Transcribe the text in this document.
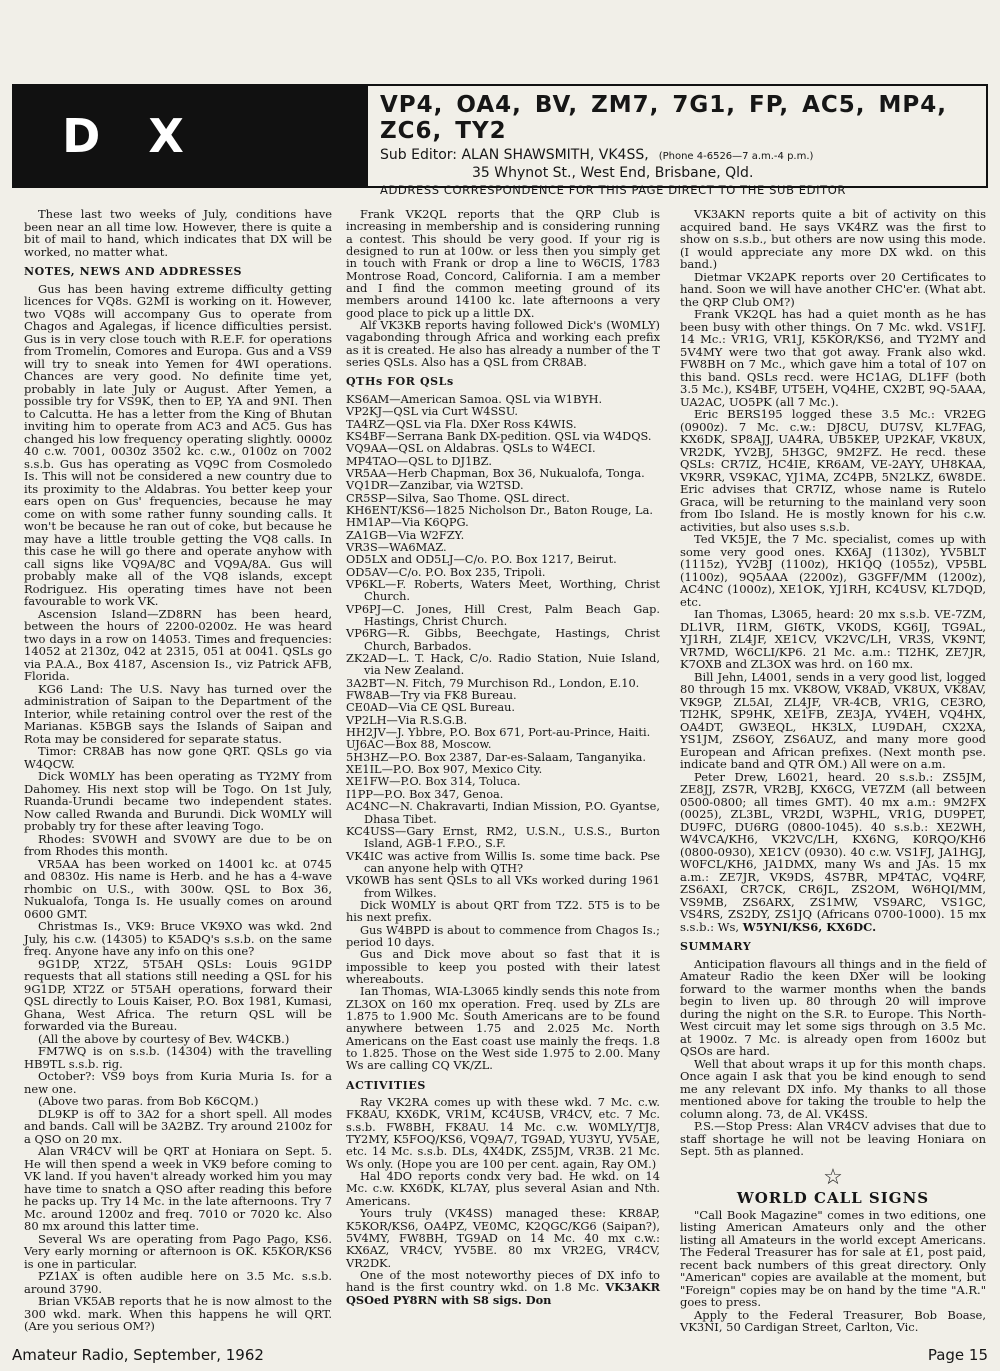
D X
VP4, OA4, BV, ZM7, 7G1, FP, AC5, MP4, ZC6, TY2
Sub Editor: ALAN SHAWSMITH, VK4SS, (Phone 4-6526—7 a.m.-4 p.m.)
35 Whynot St., West End, Brisbane, Qld.
ADDRESS CORRESPONDENCE FOR THIS PAGE DIRECT TO THE SUB EDITOR

These last two weeks of July, conditions have been near an all time low. However, there is quite a bit of mail to hand, which indicates that DX will be worked, no matter what.

NOTES, NEWS AND ADDRESSES

Gus has been having extreme difficulty getting licences for VQ8s. G2MI is working on it. However, two VQ8s will accompany Gus to operate from Chagos and Agalegas, if licence difficulties persist. Gus is in very close touch with R.E.F. for operations from Tromelin, Comores and Europa. Gus and a VS9 will try to sneak into Yemen for 4WI operations. Chances are very good. No definite time yet, probably in late July or August. After Yemen, a possible try for VS9K, then to EP, YA and 9NI. Then to Calcutta. He has a letter from the King of Bhutan inviting him to operate from AC3 and AC5. Gus has changed his low frequency operating slightly. 0000z 40 c.w. 7001, 0030z 3502 kc. c.w., 0100z on 7002 s.s.b. Gus has operating as VQ9C from Cosmoledo Is. This will not be considered a new country due to its proximity to the Aldabras. You better keep your ears open on Gus' frequencies, because he may come on with some rather funny sounding calls. It won't be because he ran out of coke, but because he may have a little trouble getting the VQ8 calls. In this case he will go there and operate anyhow with call signs like VQ9A/8C and VQ9A/8A. Gus will probably make all of the VQ8 islands, except Rodriguez. His operating times have not been favourable to work VK.

Ascension Island—ZD8RN has been heard, between the hours of 2200-0200z. He was heard two days in a row on 14053. Times and frequencies: 14052 at 2130z, 042 at 2315, 051 at 0041. QSLs go via P.A.A., Box 4187, Ascension Is., viz Patrick AFB, Florida.

KG6 Land: The U.S. Navy has turned over the administration of Saipan to the Department of the Interior, while retaining control over the rest of the Marianas. K5BGB says the Islands of Saipan and Rota may be considered for separate status.

Timor: CR8AB has now gone QRT. QSLs go via W4QCW.

Dick W0MLY has been operating as TY2MY from Dahomey. His next stop will be Togo. On 1st July, Ruanda-Urundi became two independent states. Now called Rwanda and Burundi. Dick W0MLY will probably try for these after leaving Togo.

Rhodes: SV0WH and SV0WY are due to be on from Rhodes this month.

VR5AA has been worked on 14001 kc. at 0745 and 0830z. His name is Herb. and he has a 4-wave rhombic on U.S., with 300w. QSL to Box 36, Nukualofa, Tonga Is. He usually comes on around 0600 GMT.

Christmas Is., VK9: Bruce VK9XO was wkd. 2nd July, his c.w. (14305) to K5ADQ's s.s.b. on the same freq. Anyone have any info on this one?

9G1DP, XT2Z, 5T5AH QSLs: Louis 9G1DP requests that all stations still needing a QSL for his 9G1DP, XT2Z or 5T5AH operations, forward their QSL directly to Louis Kaiser, P.O. Box 1981, Kumasi, Ghana, West Africa. The return QSL will be forwarded via the Bureau.

(All the above by courtesy of Bev. W4CKB.)

FM7WQ is on s.s.b. (14304) with the travelling HB9TL s.s.b. rig.

October?: VS9 boys from Kuria Muria Is. for a new one.

(Above two paras. from Bob K6CQM.)

DL9KP is off to 3A2 for a short spell. All modes and bands. Call will be 3A2BZ. Try around 2100z for a QSO on 20 mx.

Alan VR4CV will be QRT at Honiara on Sept. 5. He will then spend a week in VK9 before coming to VK land. If you haven't already worked him you may have time to snatch a QSO after reading this before he packs up. Try 14 Mc. in the late afternoons. Try 7 Mc. around 1200z and freq. 7010 or 7020 kc. Also 80 mx around this latter time.

Several Ws are operating from Pago Pago, KS6. Very early morning or afternoon is OK. K5KOR/KS6 is one in particular.

PZ1AX is often audible here on 3.5 Mc. s.s.b. around 3790.

Brian VK5AB reports that he is now almost to the 300 wkd. mark. When this happens he will QRT. (Are you serious OM?)

Frank VK2QL reports that the QRP Club is increasing in membership and is considering running a contest. This should be very good. If your rig is designed to run at 100w. or less then you simply get in touch with Frank or drop a line to W6CIS, 1783 Montrose Road, Concord, California. I am a member and I find the common meeting ground of its members around 14100 kc. late afternoons a very good place to pick up a little DX.

Alf VK3KB reports having followed Dick's (W0MLY) vagabonding through Africa and working each prefix as it is created. He also has already a number of the T series QSLs. Also has a QSL from CR8AB.

QTHs FOR QSLs

KS6AM—American Samoa. QSL via W1BYH.

VP2KJ—QSL via Curt W4SSU.

TA4RZ—QSL via Fla. DXer Ross K4WIS.

KS4BF—Serrana Bank DX-pedition. QSL via W4DQS.

VQ9AA—QSL on Aldabras. QSLs to W4ECI.

MP4TAO—QSL to DJ1BZ.

VR5AA—Herb Chapman, Box 36, Nukualofa, Tonga.

VQ1DR—Zanzibar, via W2TSD.

CR5SP—Silva, Sao Thome. QSL direct.

KH6ENT/KS6—1825 Nicholson Dr., Baton Rouge, La.

HM1AP—Via K6QPG.

ZA1GB—Via W2FZY.

VR3S—WA6MAZ.

OD5LX and OD5LJ—C/o. P.O. Box 1217, Beirut.

OD5AV—C/o. P.O. Box 235, Tripoli.

VP6KL—F. Roberts, Waters Meet, Worthing, Christ Church.

VP6PJ—C. Jones, Hill Crest, Palm Beach Gap. Hastings, Christ Church.

VP6RG—R. Gibbs, Beechgate, Hastings, Christ Church, Barbados.

ZK2AD—L. T. Hack, C/o. Radio Station, Nuie Island, via New Zealand.

3A2BT—N. Fitch, 79 Murchison Rd., London, E.10.

FW8AB—Try via FK8 Bureau.

CE0AD—Via CE QSL Bureau.

VP2LH—Via R.S.G.B.

HH2JV—J. Ybbre, P.O. Box 671, Port-au-Prince, Haiti.

UJ6AC—Box 88, Moscow.

5H3HZ—P.O. Box 2387, Dar-es-Salaam, Tanganyika.

XE1IL—P.O. Box 907, Mexico City.

XE1FW—P.O. Box 314, Toluca.

I1PP—P.O. Box 347, Genoa.

AC4NC—N. Chakravarti, Indian Mission, P.O. Gyantse, Dhasa Tibet.

KC4USS—Gary Ernst, RM2, U.S.N., U.S.S., Burton Island, AGB-1 F.P.O., S.F.

VK4IC was active from Willis Is. some time back. Pse can anyone help with QTH?

VK0WB has sent QSLs to all VKs worked during 1961 from Wilkes.

Dick W0MLY is about QRT from TZ2. 5T5 is to be his next prefix.

Gus W4BPD is about to commence from Chagos Is.; period 10 days.

Gus and Dick move about so fast that it is impossible to keep you posted with their latest whereabouts.

Ian Thomas, WIA-L3065 kindly sends this note from ZL3OX on 160 mx operation. Freq. used by ZLs are 1.875 to 1.900 Mc. South Americans are to be found anywhere between 1.75 and 2.025 Mc. North Americans on the East coast use mainly the freqs. 1.8 to 1.825. Those on the West side 1.975 to 2.00. Many Ws are calling CQ VK/ZL.

ACTIVITIES

Ray VK2RA comes up with these wkd. 7 Mc. c.w. FK8AU, KX6DK, VR1M, KC4USB, VR4CV, etc. 7 Mc. s.s.b. FW8BH, FK8AU. 14 Mc. c.w. W0MLY/TJ8, TY2MY, K5FOQ/KS6, VQ9A/7, TG9AD, YU3YU, YV5AE, etc. 14 Mc. s.s.b. DLs, 4X4DK, ZS5JM, VR3B. 21 Mc. Ws only. (Hope you are 100 per cent. again, Ray OM.)

Hal 4DO reports condx very bad. He wkd. on 14 Mc. c.w. KX6DK, KL7AY, plus several Asian and Nth. Americans.

Yours truly (VK4SS) managed these: KR8AP, K5KOR/KS6, OA4PZ, VE0MC, K2QGC/KG6 (Saipan?), 5V4MY, FW8BH, TG9AD on 14 Mc. 40 mx c.w.: KX6AZ, VR4CV, YV5BE. 80 mx VR2EG, VR4CV, VR2DK.

One of the most noteworthy pieces of DX info to hand is the first country wkd. on 1.8 Mc. VK3AKR QSOed PY8RN with S8 sigs. Don

VK3AKN reports quite a bit of activity on this acquired band. He says VK4RZ was the first to show on s.s.b., but others are now using this mode. (I would appreciate any more DX wkd. on this band.)

Dietmar VK2APK reports over 20 Certificates to hand. Soon we will have another CHC'er. (What abt. the QRP Club OM?)

Frank VK2QL has had a quiet month as he has been busy with other things. On 7 Mc. wkd. VS1FJ. 14 Mc.: VR1G, VR1J, K5KOR/KS6, and TY2MY and 5V4MY were two that got away. Frank also wkd. FW8BH on 7 Mc., which gave him a total of 107 on this band. QSLs recd. were HC1AG, DL1FF (both 3.5 Mc.), KS4BF, UT5EH, VQ4HE, CX2BT, 9Q-5AAA, UA2AC, UO5PK (all 7 Mc.).

Eric BERS195 logged these 3.5 Mc.: VR2EG (0900z). 7 Mc. c.w.: DJ8CU, DU7SV, KL7FAG, KX6DK, SP8AJJ, UA4RA, UB5KEP, UP2KAF, VK8UX, VR2DK, YV2BJ, 5H3GC, 9M2FZ. He recd. these QSLs: CR7IZ, HC4IE, KR6AM, VE-2AYY, UH8KAA, VK9RR, VS9KAC, YJ1MA, ZC4PB, 5N2LKZ, 6W8DE. Eric advises that CR7IZ, whose name is Rutelo Graca, will be returning to the mainland very soon from Ibo Island. He is mostly known for his c.w. activities, but also uses s.s.b.

Ted VK5JE, the 7 Mc. specialist, comes up with some very good ones. KX6AJ (1130z), YV5BLT (1115z), YV2BJ (1100z), HK1QQ (1055z), VP5BL (1100z), 9Q5AAA (2200z), G3GFF/MM (1200z), AC4NC (1000z), XE1OK, YJ1RH, KC4USV, KL7DQD, etc.

Ian Thomas, L3065, heard: 20 mx s.s.b. VE-7ZM, DL1VR, I1RM, GI6TK, VK0DS, KG6IJ, TG9AL, YJ1RH, ZL4JF, XE1CV, VK2VC/LH, VR3S, VK9NT, VR7MD, W6CLI/KP6. 21 Mc. a.m.: TI2HK, ZE7JR, K7OXB and ZL3OX was hrd. on 160 mx.

Bill Jehn, L4001, sends in a very good list, logged 80 through 15 mx. VK8OW, VK8AD, VK8UX, VK8AV, VK9GP, ZL5AI, ZL4JF, VR-4CB, VR1G, CE3RO, TI2HK, SP9HK, XE1FB, ZE3JA, YV4EH, VQ4HX, OA4DT, GW3EQL, HK3LX, LU9DAH, CX2XA, YS1JM, ZS6OY, ZS6AUZ, and many more good European and African prefixes. (Next month pse. indicate band and QTR OM.) All were on a.m.

Peter Drew, L6021, heard. 20 s.s.b.: ZS5JM, ZE8JJ, ZS7R, VR2BJ, KX6CG, VE7ZM (all between 0500-0800; all times GMT). 40 mx a.m.: 9M2FX (0025), ZL3BL, VR2DI, W3PHL, VR1G, DU9PET, DU9FC, DU6RG (0800-1045). 40 s.s.b.: XE2WH, W4VCA/KH6, VK2VC/LH, KX6NG, K0RQO/KH6 (0800-0930), XE1CV (0930). 40 c.w. VS1FJ, JA1HGJ, W0FCL/KH6, JA1DMX, many Ws and JAs. 15 mx a.m.: ZE7JR, VK9DS, 4S7BR, MP4TAC, VQ4RF, ZS6AXI, CR7CK, CR6JL, ZS2OM, W6HQI/MM, VS9MB, ZS6ARX, ZS1MW, VS9ARC, VS1GC, VS4RS, ZS2DY, ZS1JQ (Africans 0700-1000). 15 mx s.s.b.: Ws, W5YNI/KS6, KX6DC.

SUMMARY

Anticipation flavours all things and in the field of Amateur Radio the keen DXer will be looking forward to the warmer months when the bands begin to liven up. 80 through 20 will improve during the night on the S.R. to Europe. This North-West circuit may let some sigs through on 3.5 Mc. at 1900z. 7 Mc. is already open from 1600z but QSOs are hard.

Well that about wraps it up for this month chaps. Once again I ask that you be kind enough to send me any relevant DX info. My thanks to all those mentioned above for taking the trouble to help the column along. 73, de Al. VK4SS.

P.S.—Stop Press: Alan VR4CV advises that due to staff shortage he will not be leaving Honiara on Sept. 5th as planned.

☆
WORLD CALL SIGNS

"Call Book Magazine" comes in two editions, one listing American Amateurs only and the other listing all Amateurs in the world except Americans. The Federal Treasurer has for sale at £1, post paid, recent back numbers of this great directory. Only "American" copies are available at the moment, but "Foreign" copies may be on hand by the time "A.R." goes to press.

Apply to the Federal Treasurer, Bob Boase, VK3NI, 50 Cardigan Street, Carlton, Vic.

Amateur Radio, September, 1962	Page 15
